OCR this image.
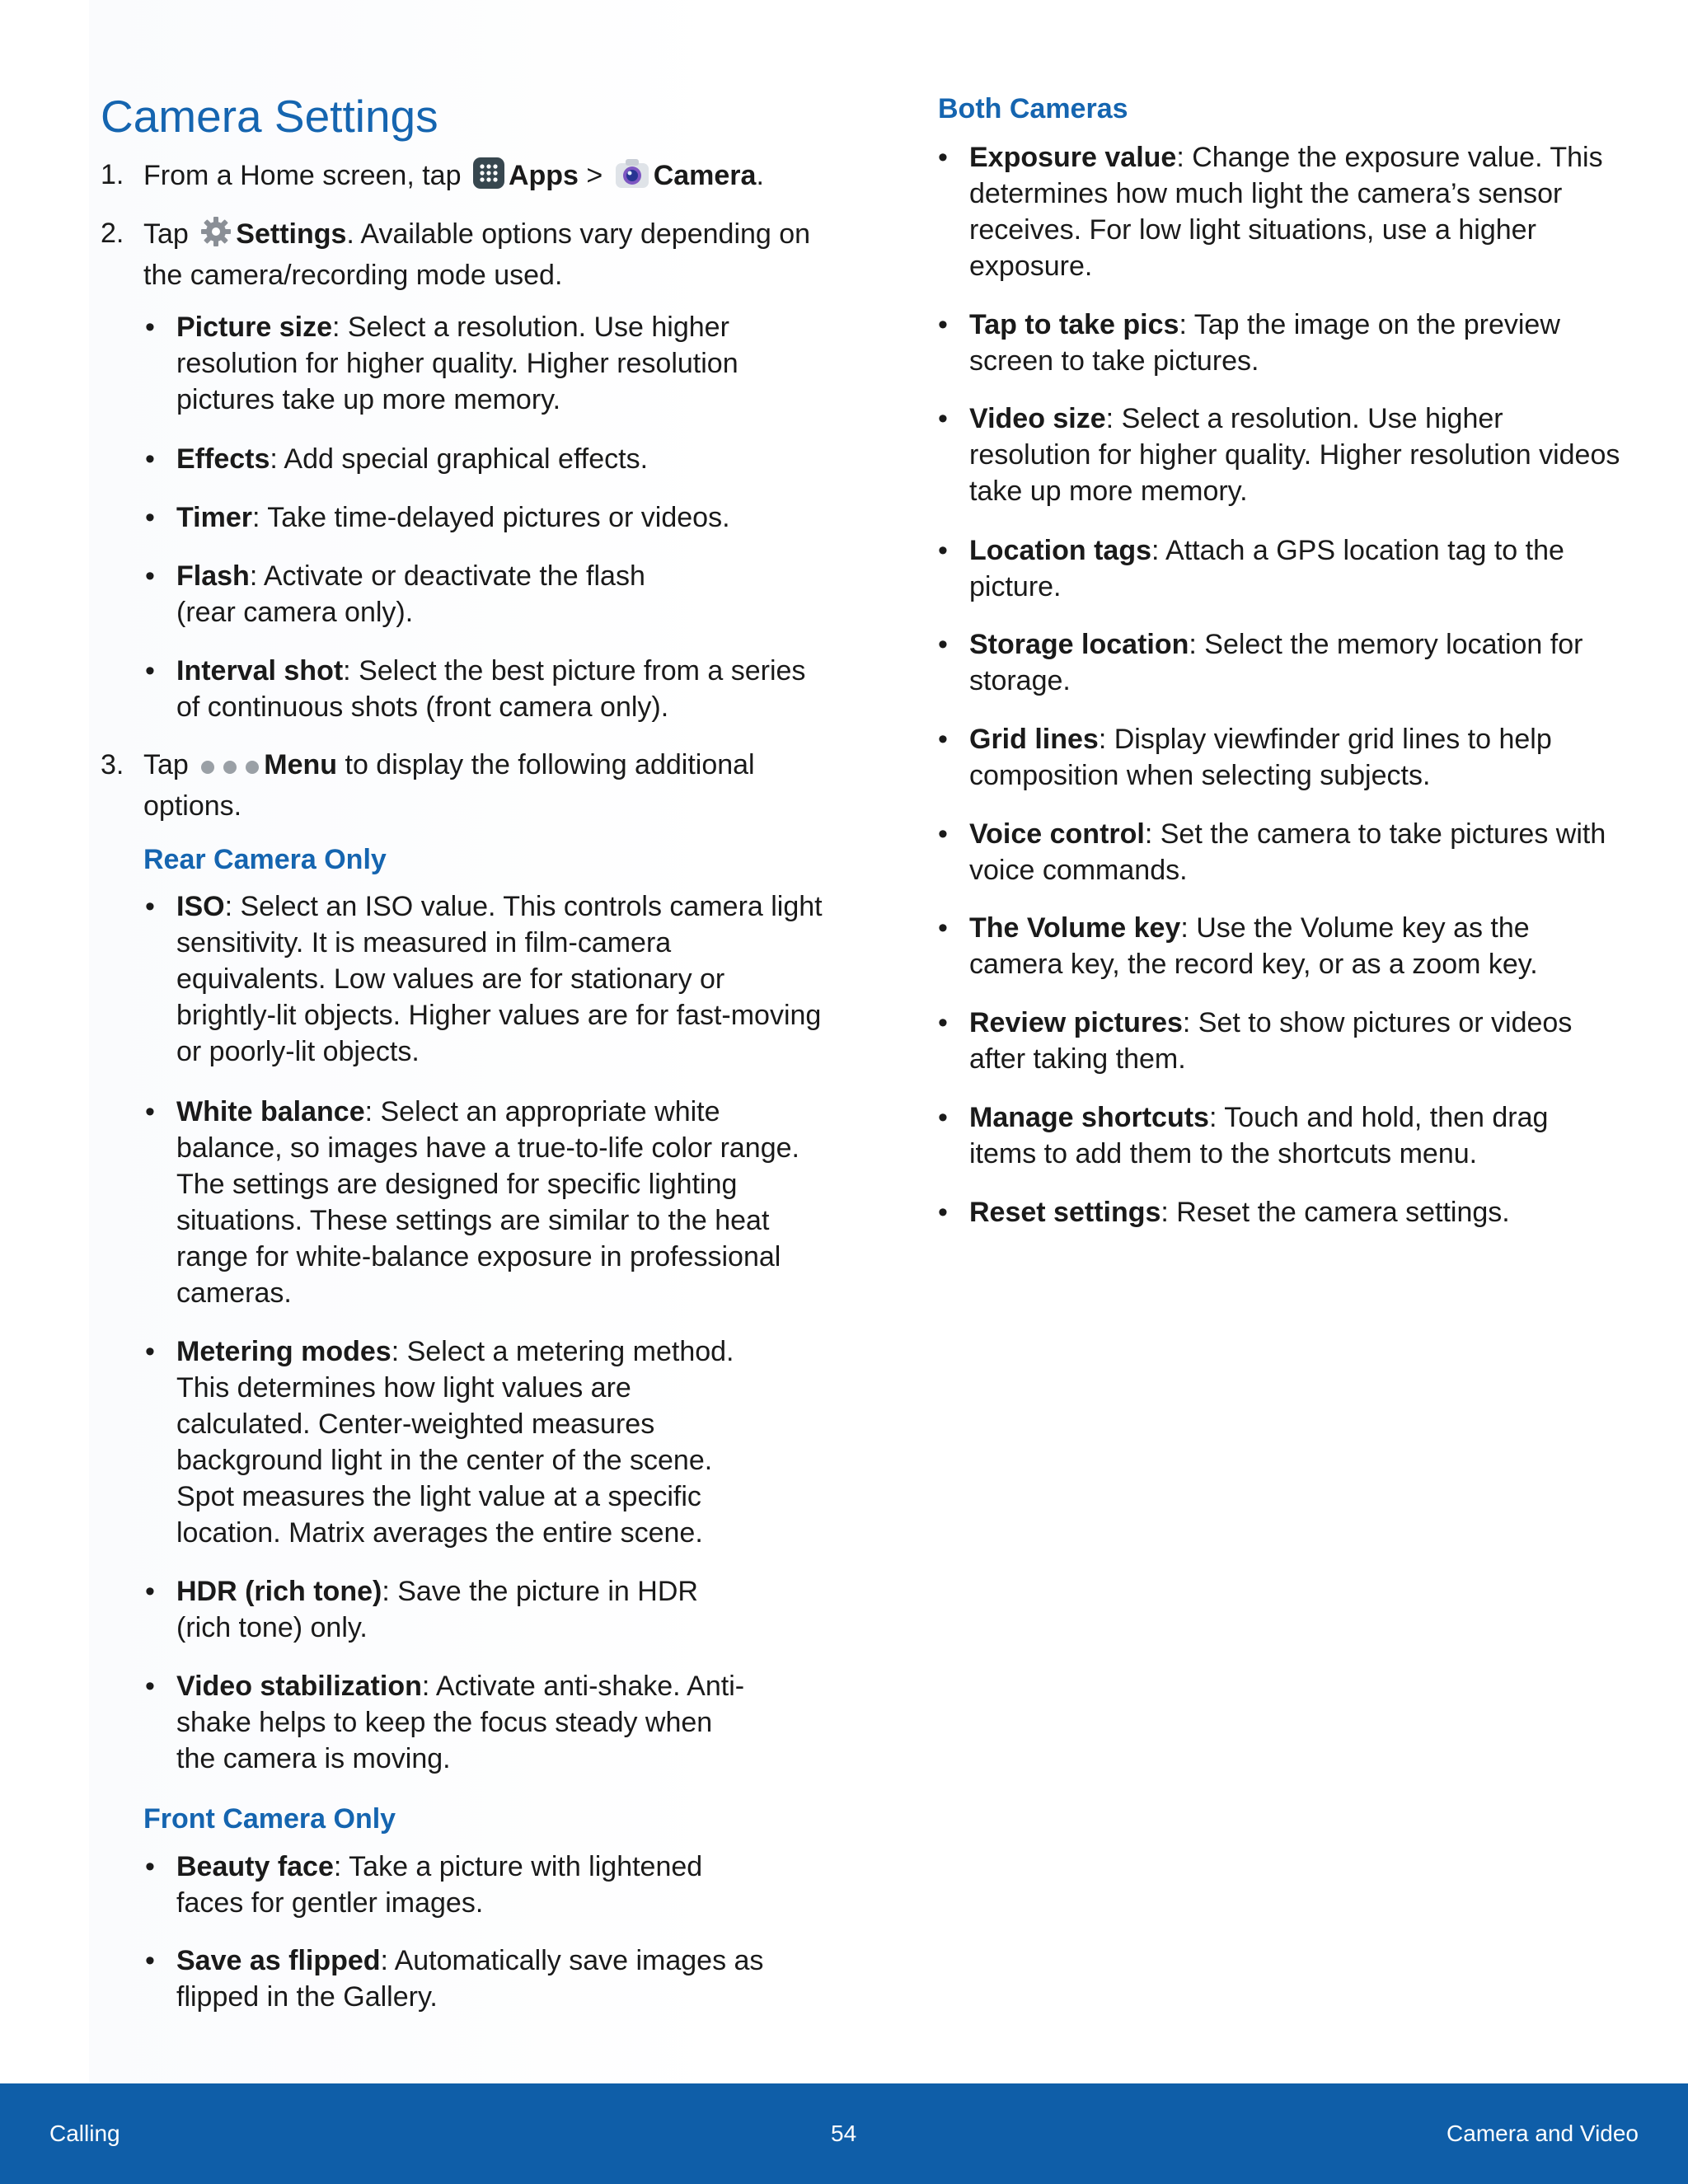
Camera Settings
1. From a Home screen, tap Apps > Camera.
2. Tap Settings. Available options vary depending on the camera/recording mode used.
• Picture size: Select a resolution. Use higher resolution for higher quality. Higher resolution pictures take up more memory.
• Effects: Add special graphical effects.
• Timer: Take time-delayed pictures or videos.
• Flash: Activate or deactivate the flash (rear camera only).
• Interval shot: Select the best picture from a series of continuous shots (front camera only).
3. Tap	Menu to display the following additional options.
Rear Camera Only
• ISO: Select an ISO value. This controls camera light sensitivity. It is measured in film-camera equivalents. Low values are for stationary or brightly-lit objects. Higher values are for fast-moving or poorly-lit objects.
• White balance: Select an appropriate white balance, so images have a true-to-life color range. The settings are designed for specific lighting situations. These settings are similar to the heat range for white-balance exposure in professional cameras.
• Metering modes: Select a metering method. This determines how light values are calculated. Center-weighted measures background light in the center of the scene. Spot measures the light value at a specific location. Matrix averages the entire scene.
• HDR (rich tone): Save the picture in HDR (rich tone) only.
• Video stabilization: Activate anti-shake. Anti-shake helps to keep the focus steady when the camera is moving.
Front Camera Only
• Beauty face: Take a picture with lightened faces for gentler images.
• Save as flipped: Automatically save images as flipped in the Gallery.
Both Cameras
• Exposure value: Change the exposure value. This determines how much light the camera’s sensor receives. For low light situations, use a higher exposure.
• Tap to take pics: Tap the image on the preview screen to take pictures.
• Video size: Select a resolution. Use higher resolution for higher quality. Higher resolution videos take up more memory.
• Location tags: Attach a GPS location tag to the picture.
• Storage location: Select the memory location for storage.
• Grid lines: Display viewfinder grid lines to help composition when selecting subjects.
• Voice control: Set the camera to take pictures with voice commands.
• The Volume key: Use the Volume key as the camera key, the record key, or as a zoom key.
• Review pictures: Set to show pictures or videos after taking them.
• Manage shortcuts: Touch and hold, then drag items to add them to the shortcuts menu.
• Reset settings: Reset the camera settings.
Calling	54	Camera and Video
